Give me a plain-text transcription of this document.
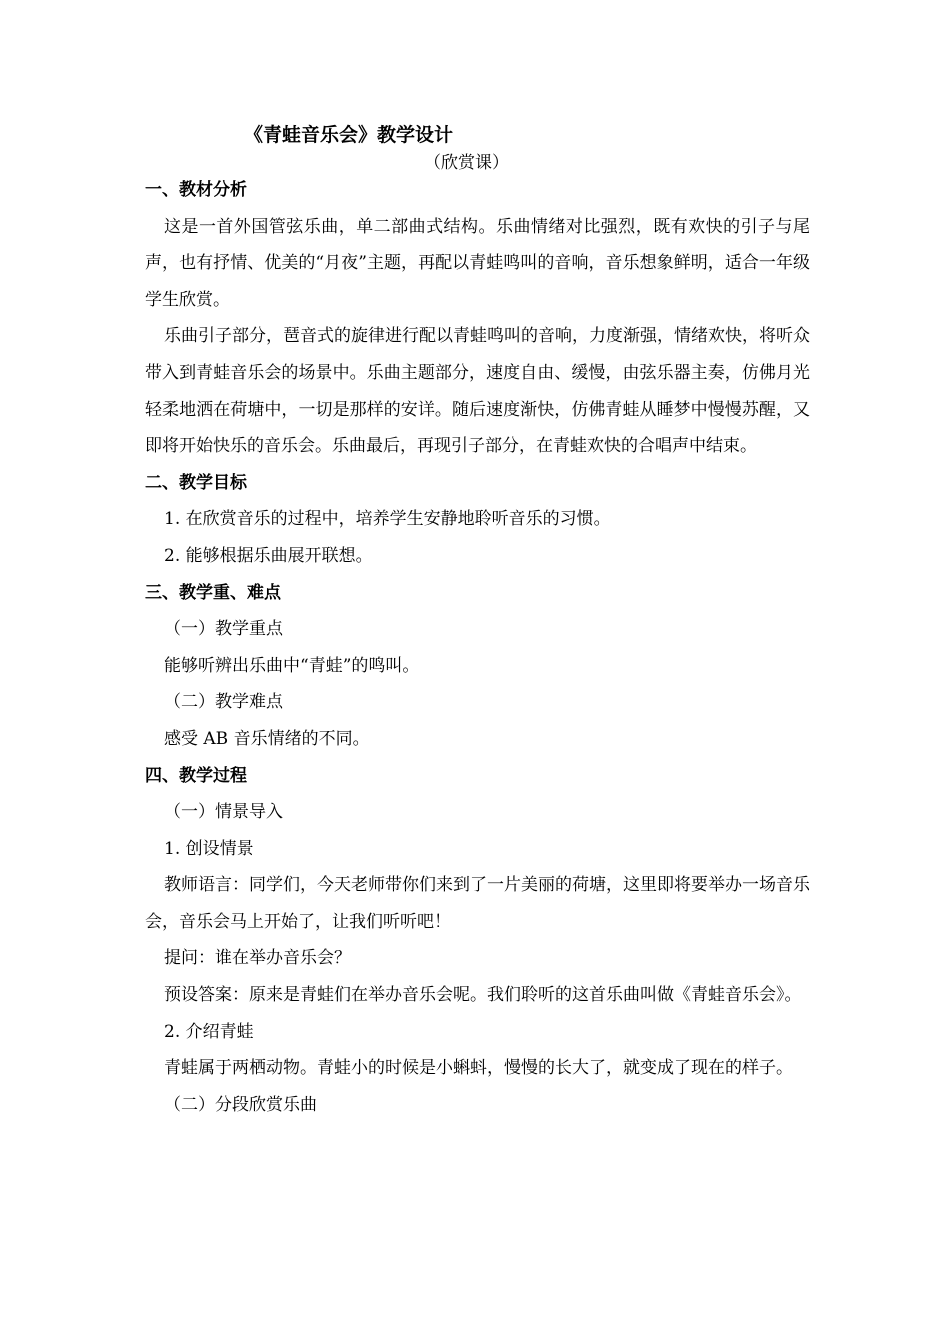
《青蛙音乐会》教学设计
（欣赏课）

一、教材分析

这是一首外国管弦乐曲，单二部曲式结构。乐曲情绪对比强烈，既有欢快的引子与尾声，也有抒情、优美的“月夜”主题，再配以青蛙鸣叫的音响，音乐想象鲜明，适合一年级学生欣赏。

乐曲引子部分，琶音式的旋律进行配以青蛙鸣叫的音响，力度渐强，情绪欢快，将听众带入到青蛙音乐会的场景中。乐曲主题部分，速度自由、缓慢，由弦乐器主奏，仿佛月光轻柔地洒在荷塘中，一切是那样的安详。随后速度渐快，仿佛青蛙从睡梦中慢慢苏醒，又即将开始快乐的音乐会。乐曲最后，再现引子部分，在青蛙欢快的合唱声中结束。

二、教学目标

1. 在欣赏音乐的过程中，培养学生安静地聆听音乐的习惯。

2. 能够根据乐曲展开联想。

三、教学重、难点

（一）教学重点

能够听辨出乐曲中“青蛙”的鸣叫。

（二）教学难点

感受 AB 音乐情绪的不同。

四、教学过程

（一）情景导入

1. 创设情景

教师语言：同学们，今天老师带你们来到了一片美丽的荷塘，这里即将要举办一场音乐会，音乐会马上开始了，让我们听听吧！

提问：谁在举办音乐会？

预设答案：原来是青蛙们在举办音乐会呢。我们聆听的这首乐曲叫做《青蛙音乐会》。

2. 介绍青蛙

青蛙属于两栖动物。青蛙小的时候是小蝌蚪，慢慢的长大了，就变成了现在的样子。

（二）分段欣赏乐曲
